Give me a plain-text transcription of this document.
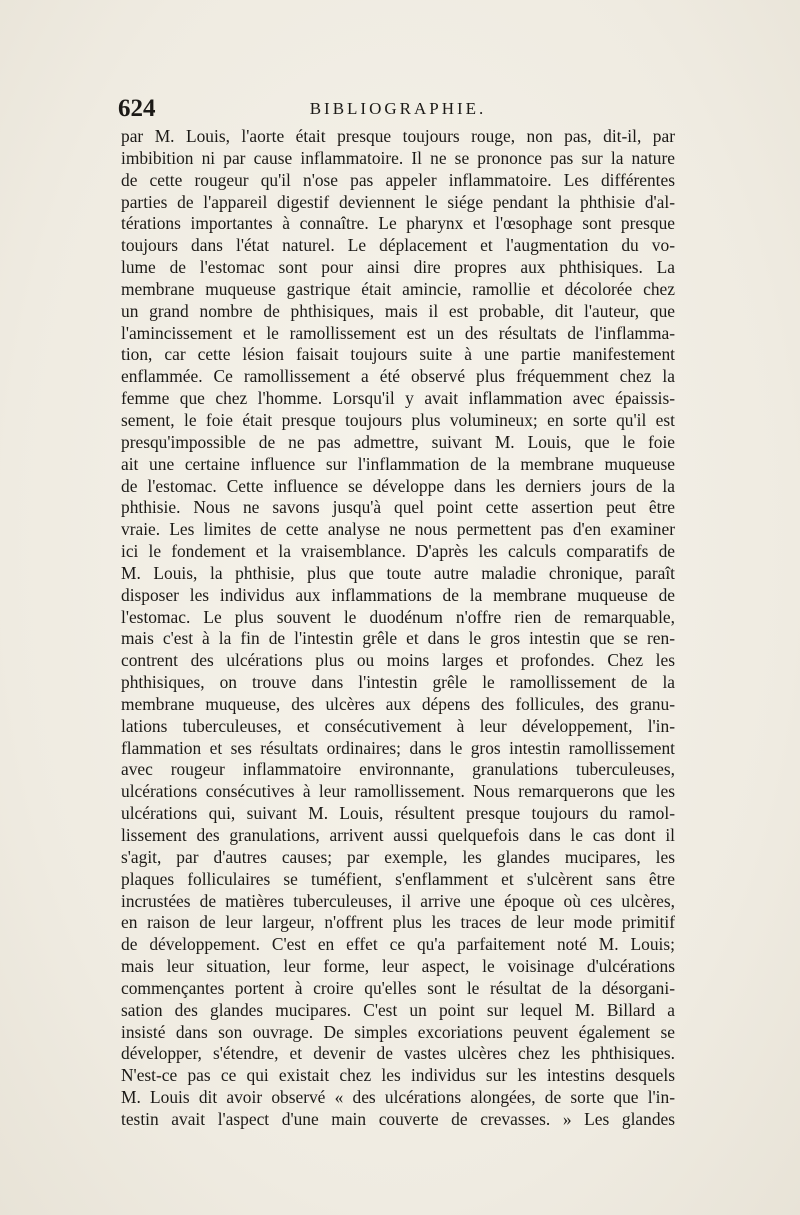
624	BIBLIOGRAPHIE.
par M. Louis, l'aorte était presque toujours rouge, non pas, dit-il, par
imbibition ni par cause inflammatoire. Il ne se prononce pas sur la nature
de cette rougeur qu'il n'ose pas appeler inflammatoire. Les différentes
parties de l'appareil digestif deviennent le siége pendant la phthisie d'al-
térations importantes à connaître. Le pharynx et l'œsophage sont presque
toujours dans l'état naturel. Le déplacement et l'augmentation du vo-
lume de l'estomac sont pour ainsi dire propres aux phthisiques. La
membrane muqueuse gastrique était amincie, ramollie et décolorée chez
un grand nombre de phthisiques, mais il est probable, dit l'auteur, que
l'amincissement et le ramollissement est un des résultats de l'inflamma-
tion, car cette lésion faisait toujours suite à une partie manifestement
enflammée. Ce ramollissement a été observé plus fréquemment chez la
femme que chez l'homme. Lorsqu'il y avait inflammation avec épaissis-
sement, le foie était presque toujours plus volumineux; en sorte qu'il est
presqu'impossible de ne pas admettre, suivant M. Louis, que le foie
ait une certaine influence sur l'inflammation de la membrane muqueuse
de l'estomac. Cette influence se développe dans les derniers jours de la
phthisie. Nous ne savons jusqu'à quel point cette assertion peut être
vraie. Les limites de cette analyse ne nous permettent pas d'en examiner
ici le fondement et la vraisemblance. D'après les calculs comparatifs de
M. Louis, la phthisie, plus que toute autre maladie chronique, paraît
disposer les individus aux inflammations de la membrane muqueuse de
l'estomac. Le plus souvent le duodénum n'offre rien de remarquable,
mais c'est à la fin de l'intestin grêle et dans le gros intestin que se ren-
contrent des ulcérations plus ou moins larges et profondes. Chez les
phthisiques, on trouve dans l'intestin grêle le ramollissement de la
membrane muqueuse, des ulcères aux dépens des follicules, des granu-
lations tuberculeuses, et consécutivement à leur développement, l'in-
flammation et ses résultats ordinaires; dans le gros intestin ramollissement
avec rougeur inflammatoire environnante, granulations tuberculeuses,
ulcérations consécutives à leur ramollissement. Nous remarquerons que les
ulcérations qui, suivant M. Louis, résultent presque toujours du ramol-
lissement des granulations, arrivent aussi quelquefois dans le cas dont il
s'agit, par d'autres causes; par exemple, les glandes mucipares, les
plaques folliculaires se tuméfient, s'enflamment et s'ulcèrent sans être
incrustées de matières tuberculeuses, il arrive une époque où ces ulcères,
en raison de leur largeur, n'offrent plus les traces de leur mode primitif
de développement. C'est en effet ce qu'a parfaitement noté M. Louis;
mais leur situation, leur forme, leur aspect, le voisinage d'ulcérations
commençantes portent à croire qu'elles sont le résultat de la désorgani-
sation des glandes mucipares. C'est un point sur lequel M. Billard a
insisté dans son ouvrage. De simples excoriations peuvent également se
développer, s'étendre, et devenir de vastes ulcères chez les phthisiques.
N'est-ce pas ce qui existait chez les individus sur les intestins desquels
M. Louis dit avoir observé « des ulcérations alongées, de sorte que l'in-
testin avait l'aspect d'une main couverte de crevasses. » Les glandes
